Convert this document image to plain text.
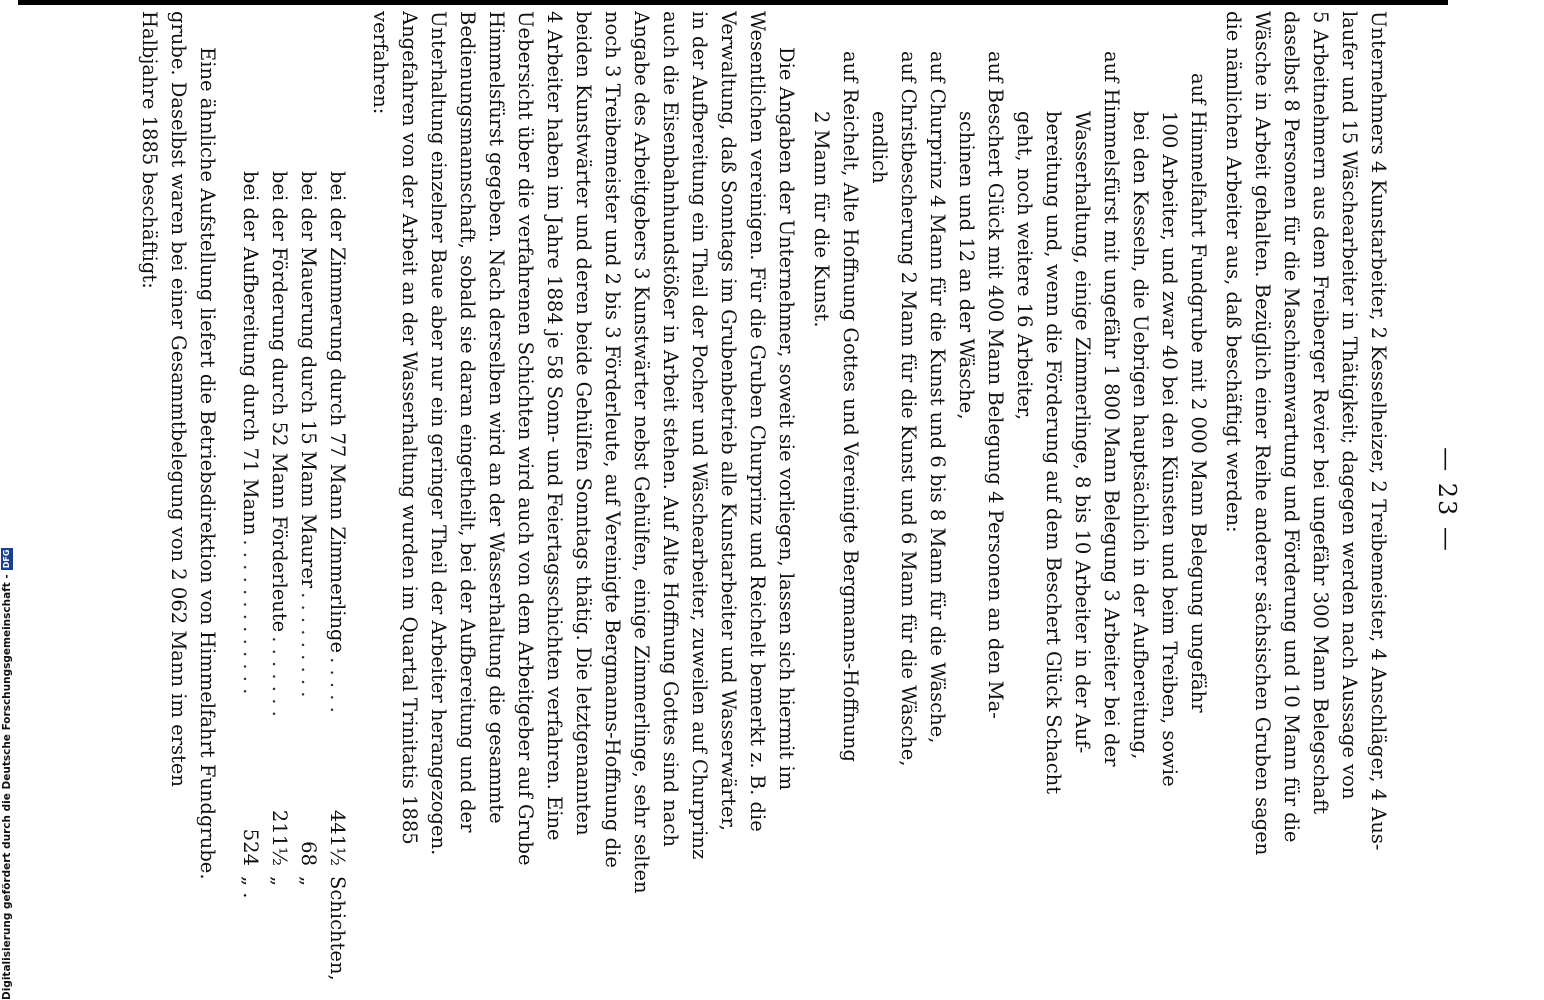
— 23 —
Unternehmers 4 Kunstarbeiter, 2 Kesselheizer, 2 Treibemeister, 4 Anschläger, 4 Aus-
laufer und 15 Wäschearbeiter in Thätigkeit; dagegen werden nach Aussage von
5 Arbeitnehmern aus dem Freiberger Revier bei ungefähr 300 Mann Belegschaft
daselbst 8 Personen für die Maschinenwartung und Förderung und 10 Mann für die
Wäsche in Arbeit gehalten. Bezüglich einer Reihe anderer sächsischen Gruben sagen
die nämlichen Arbeiter aus, daß beschäftigt werden:
auf Himmelfahrt Fundgrube mit 2 000 Mann Belegung ungefähr
100 Arbeiter, und zwar 40 bei den Künsten und beim Treiben, sowie
bei den Kesseln, die Uebrigen hauptsächlich in der Aufbereitung,
auf Himmelsfürst mit ungefähr 1 800 Mann Belegung 3 Arbeiter bei der
Wasserhaltung, einige Zimmerlinge, 8 bis 10 Arbeiter in der Auf-
bereitung und, wenn die Förderung auf dem Beschert Glück Schacht
geht, noch weitere 16 Arbeiter,
auf Beschert Glück mit 400 Mann Belegung 4 Personen an den Ma-
schinen und 12 an der Wäsche,
auf Churprinz 4 Mann für die Kunst und 6 bis 8 Mann für die Wäsche,
auf Christbescherung 2 Mann für die Kunst und 6 Mann für die Wäsche,
endlich
auf Reichelt, Alte Hoffnung Gottes und Vereinigte Bergmanns-Hoffnung
2 Mann für die Kunst.
Die Angaben der Unternehmer, soweit sie vorliegen, lassen sich hiermit im
Wesentlichen vereinigen. Für die Gruben Churprinz und Reichelt bemerkt z. B. die
Verwaltung, daß Sonntags im Grubenbetrieb alle Kunstarbeiter und Wasserwärter,
in der Aufbereitung ein Theil der Pocher und Wäschearbeiter, zuweilen auf Churprinz
auch die Eisenbahnhundstößer in Arbeit stehen. Auf Alte Hoffnung Gottes sind nach
Angabe des Arbeitgebers 3 Kunstwärter nebst Gehülfen, einige Zimmerlinge, sehr selten
noch 3 Treibemeister und 2 bis 3 Förderleute, auf Vereinigte Bergmanns-Hoffnung die
beiden Kunstwärter und deren beide Gehülfen Sonntags thätig. Die letztgenannten
4 Arbeiter haben im Jahre 1884 je 58 Sonn- und Feiertagsschichten verfahren. Eine
Uebersicht über die verfahrenen Schichten wird auch von dem Arbeitgeber auf Grube
Himmelsfürst gegeben. Nach derselben wird an der Wasserhaltung die gesammte
Bedienungsmannschaft, sobald sie daran eingetheilt, bei der Aufbereitung und der
Unterhaltung einzelner Baue aber nur ein geringer Theil der Arbeiter herangezogen.
Angefahren von der Arbeit an der Wasserhaltung wurden im Quartal Trinitatis 1885
verfahren:
bei der Zimmerung durch 77 Mann Zimmerlinge
. . . . .
441½
Schichten,
bei der Mauerung durch 15 Mann Maurer
. . . . . . . . .
68
„
bei der Förderung durch 52 Mann Förderleute
. . . . . . .
211½
„
bei der Aufbereitung durch 71 Mann
. . . . . . . . . . . . .
524
„ .
Eine ähnliche Aufstellung liefert die Betriebsdirektion von Himmelfahrt Fundgrube.
grube. Daselbst waren bei einer Gesammtbelegung von 2 062 Mann im ersten
Halbjahre 1885 beschäftigt:
Digitalisierung gefördert durch die Deutsche Forschungsgemeinschaft -
DFG
